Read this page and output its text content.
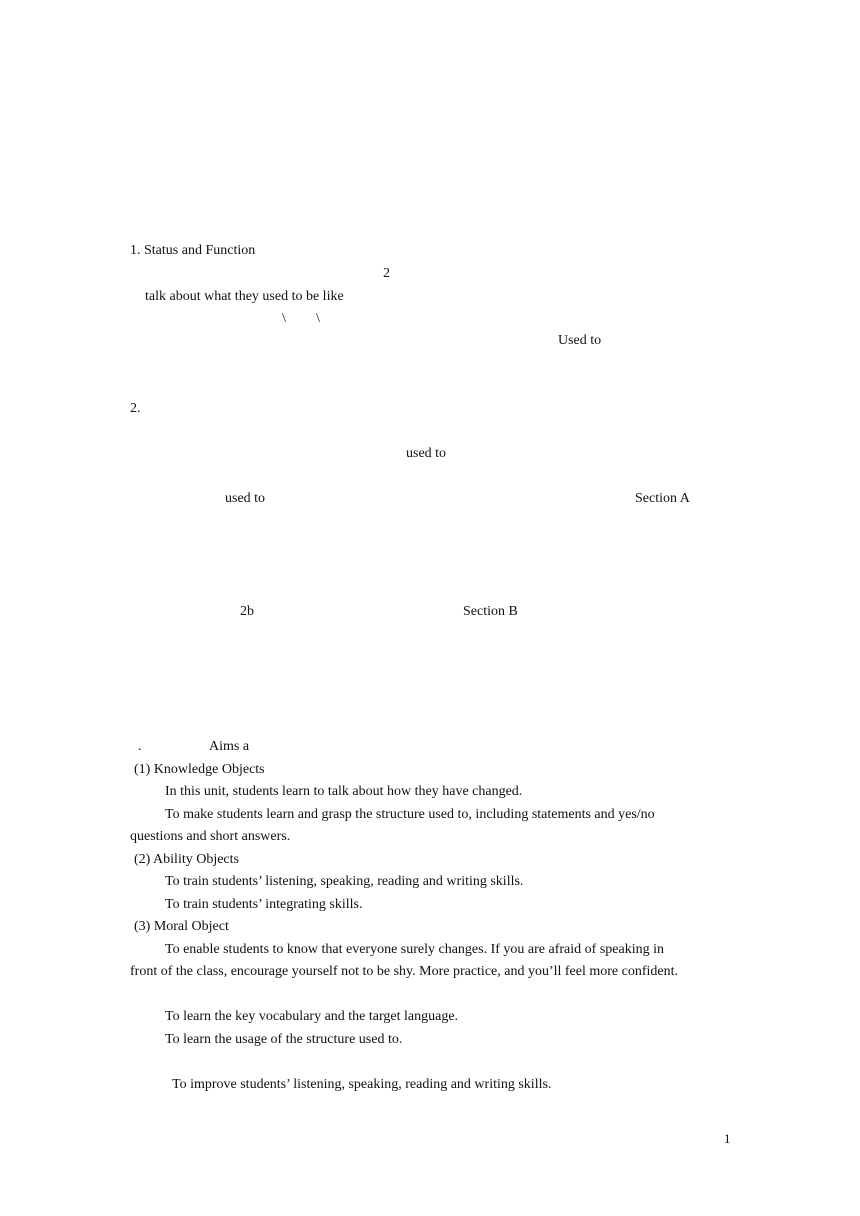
1. Status and Function
2
talk about what they used to be like
\ \
Used to
2.
used to
used to	Section A
2b	Section B
.	Aims a
(1) Knowledge Objects
In this unit, students learn to talk about how they have changed.
To make students learn and grasp the structure used to, including statements and yes/no
questions and short answers.
(2) Ability Objects
To train students’ listening, speaking, reading and writing skills.
To train students’ integrating skills.
(3) Moral Object
To enable students to know that everyone surely changes. If you are afraid of speaking in
front of the class, encourage yourself not to be shy. More practice, and you’ll feel more confident.
To learn the key vocabulary and the target language.
To learn the usage of the structure used to.
To improve students’ listening, speaking, reading and writing skills.
1
